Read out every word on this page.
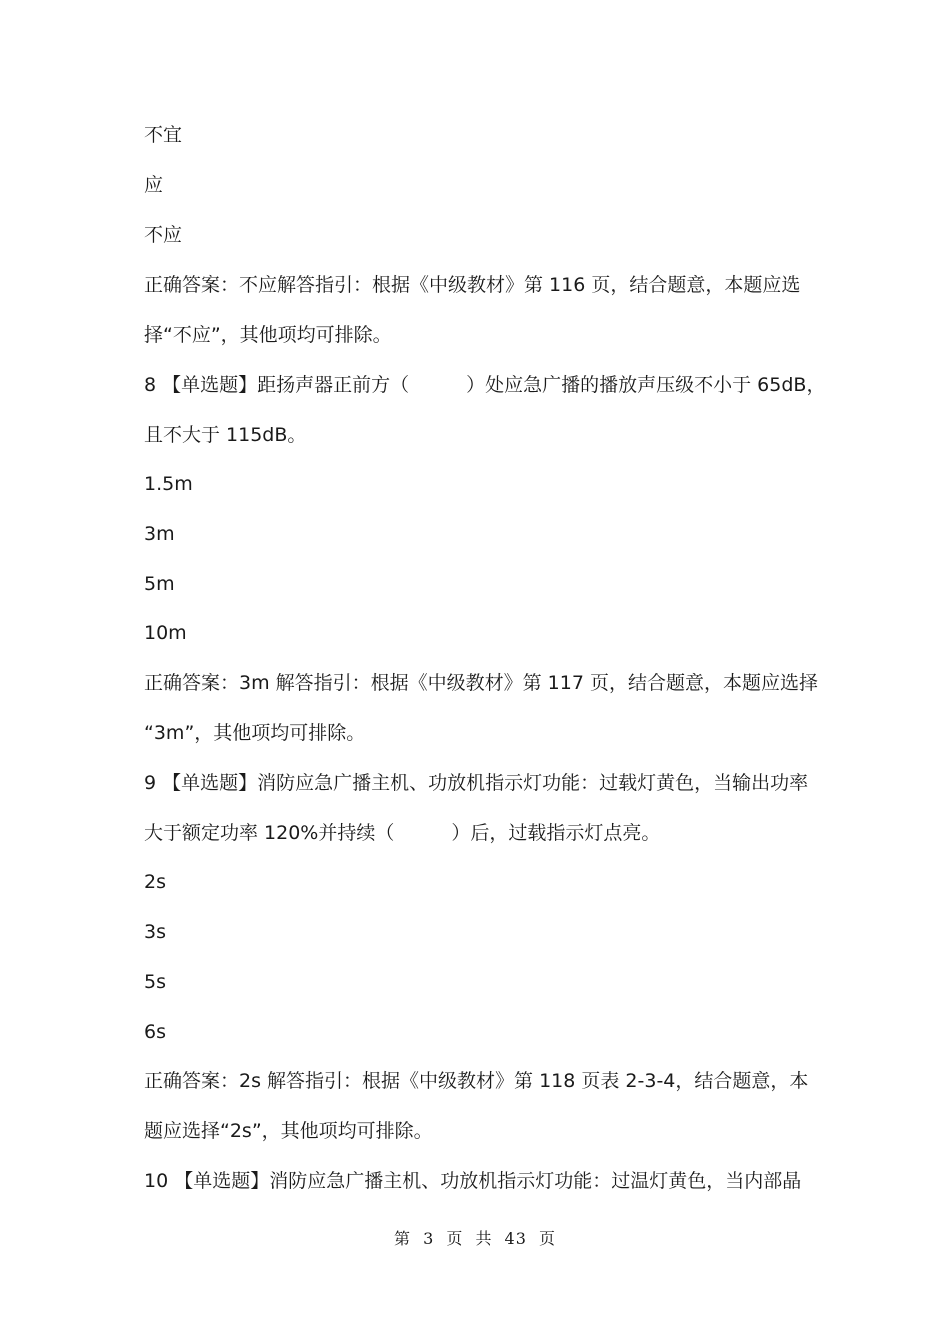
不宜
应
不应
正确答案：不应解答指引：根据《中级教材》第 116 页，结合题意，本题应选
择“不应”，其他项均可排除。
8 【单选题】距扬声器正前方（　　　）处应急广播的播放声压级不小于 65dB，
且不大于 115dB。
1.5m
3m
5m
10m
正确答案：3m 解答指引：根据《中级教材》第 117 页，结合题意，本题应选择
“3m”，其他项均可排除。
9 【单选题】消防应急广播主机、功放机指示灯功能：过载灯黄色，当输出功率
大于额定功率 120%并持续（　　　）后，过载指示灯点亮。
2s
3s
5s
6s
正确答案：2s 解答指引：根据《中级教材》第 118 页表 2-3-4，结合题意，本
题应选择“2s”，其他项均可排除。
10 【单选题】消防应急广播主机、功放机指示灯功能：过温灯黄色，当内部晶
第 3 页 共 43 页
